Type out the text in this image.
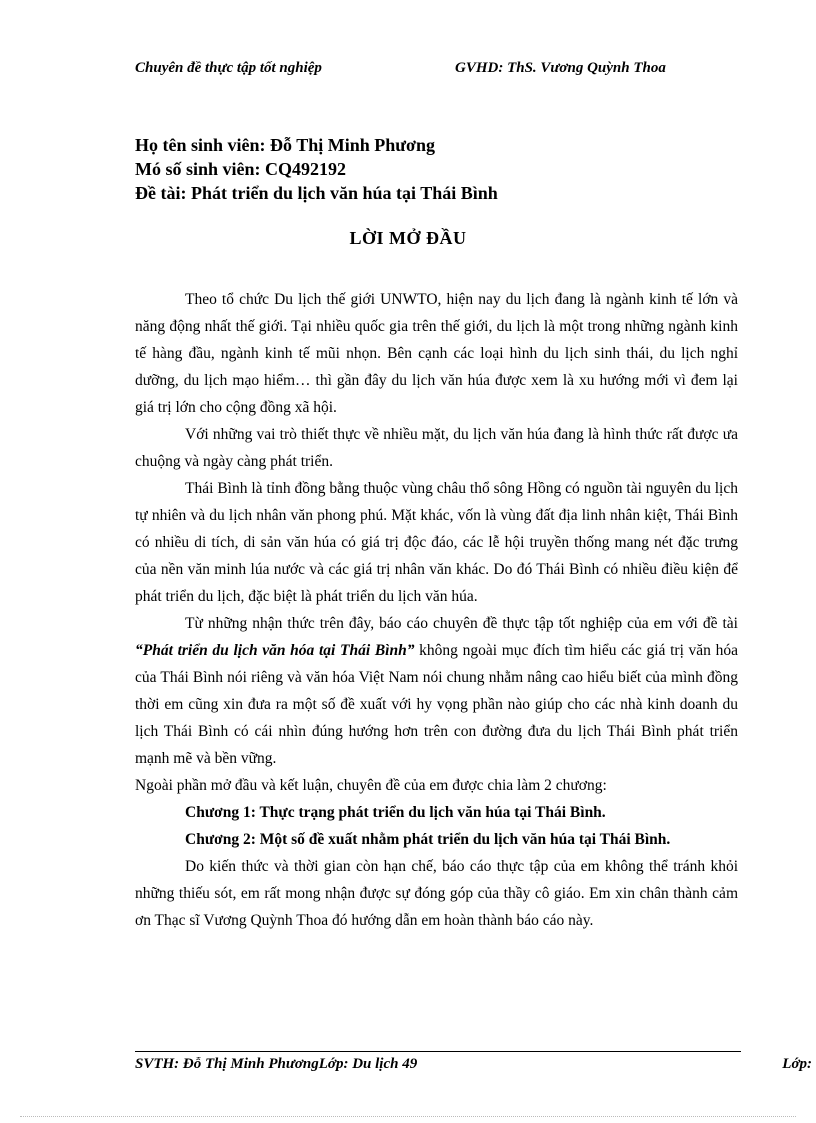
Chuyên đề thực tập tốt nghiệp	GVHD: ThS. Vương Quỳnh Thoa
Họ tên sinh viên: Đỗ Thị Minh Phương
Mó số sinh viên: CQ492192
Đề tài: Phát triển du lịch văn húa tại Thái Bình
LỜI MỞ ĐẦU

Theo tổ chức Du lịch thế giới UNWTO, hiện nay du lịch đang là ngành kinh tế lớn và năng động nhất thế giới. Tại nhiều quốc gia trên thế giới, du lịch là một trong những ngành kinh tế hàng đầu, ngành kinh tế mũi nhọn. Bên cạnh các loại hình du lịch sinh thái, du lịch nghỉ dưỡng, du lịch mạo hiểm… thì gần đây du lịch văn húa được xem là xu hướng mới vì đem lại giá trị lớn cho cộng đồng xã hội.

Với những vai trò thiết thực về nhiều mặt, du lịch văn húa đang là hình thức rất được ưa chuộng và ngày càng phát triển.

Thái Bình là tỉnh đồng bằng thuộc vùng châu thổ sông Hồng có nguồn tài nguyên du lịch tự nhiên và du lịch nhân văn phong phú. Mặt khác, vốn là vùng đất địa linh nhân kiệt, Thái Bình có nhiều di tích, di sản văn húa có giá trị độc đáo, các lễ hội truyền thống mang nét đặc trưng của nền văn minh lúa nước và các giá trị nhân văn khác. Do đó Thái Bình có nhiều điều kiện để phát triển du lịch, đặc biệt là phát triển du lịch văn húa.

Từ những nhận thức trên đây, báo cáo chuyên đề thực tập tốt nghiệp của em với đề tài “Phát triển du lịch văn hóa tại Thái Bình” không ngoài mục đích tìm hiểu các giá trị văn hóa của Thái Bình nói riêng và văn hóa Việt Nam nói chung nhằm nâng cao hiểu biết của mình đồng thời em cũng xin đưa ra một số đề xuất với hy vọng phần nào giúp cho các nhà kinh doanh du lịch Thái Bình có cái nhìn đúng hướng hơn trên con đường đưa du lịch Thái Bình phát triển mạnh mẽ và bền vững.

Ngoài phần mở đầu và kết luận, chuyên đề của em được chia làm 2 chương:

Chương 1: Thực trạng phát triển du lịch văn húa tại Thái Bình.

Chương 2: Một số đề xuất nhằm phát triển du lịch văn húa tại Thái Bình.

Do kiến thức và thời gian còn hạn chế, báo cáo thực tập của em không thể tránh khỏi những thiếu sót, em rất mong nhận được sự đóng góp của thầy cô giáo. Em xin chân thành cảm ơn Thạc sĩ Vương Quỳnh Thoa đó hướng dẫn em hoàn thành báo cáo này.

SVTH: Đỗ Thị Minh PhươngLớp: Du lịch 49	Lớp:
